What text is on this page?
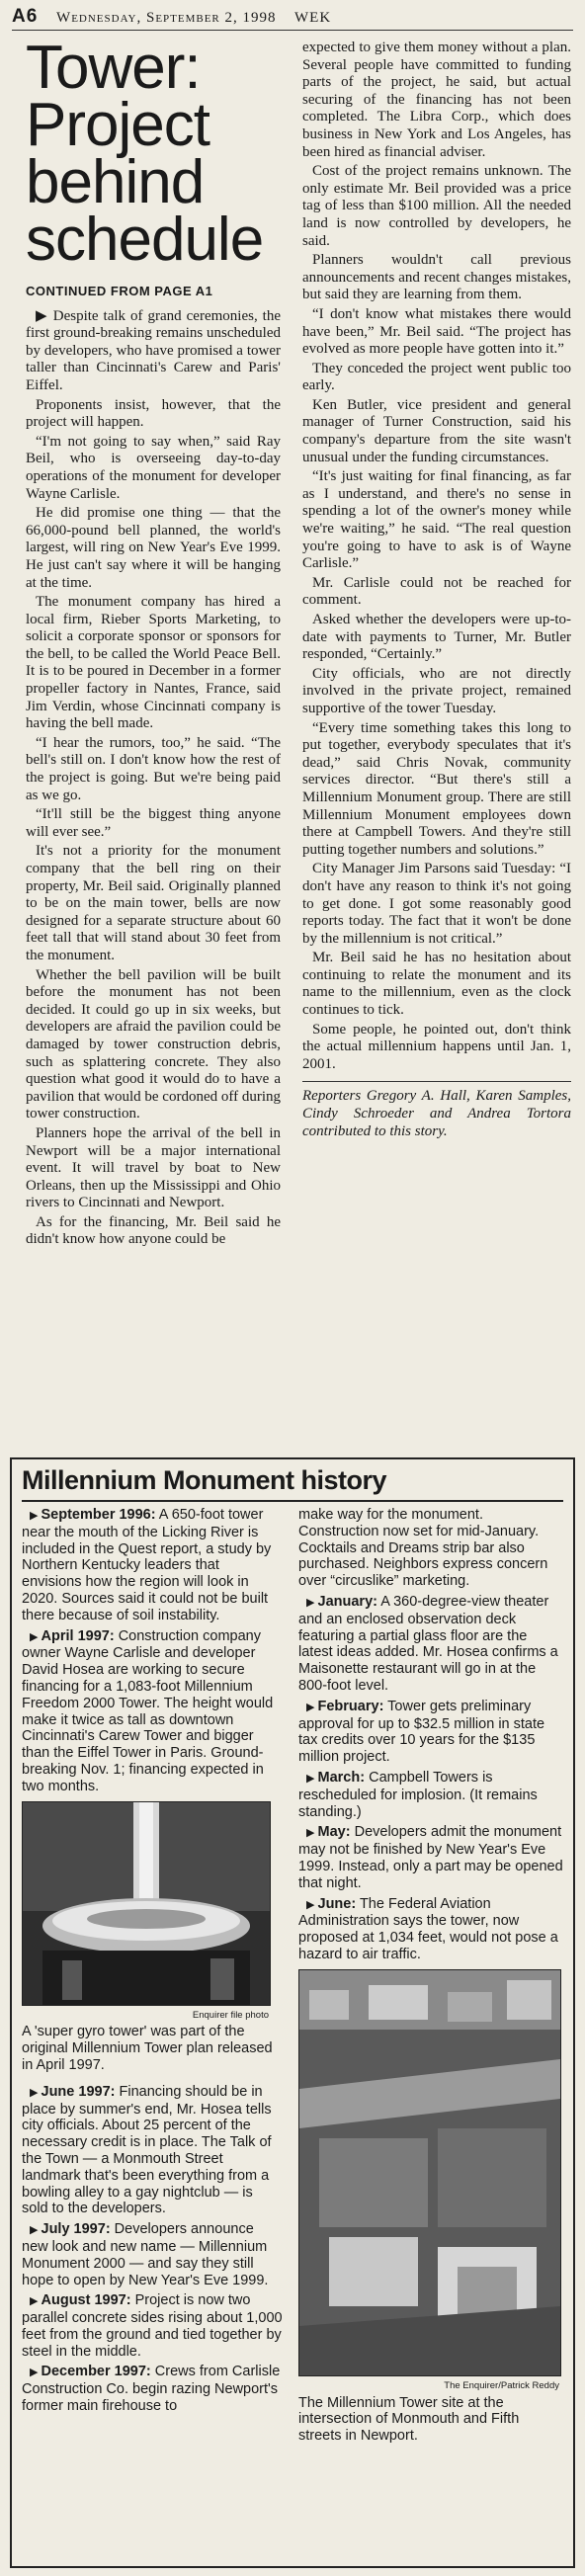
A6 Wednesday, September 2, 1998 WEK
Tower:
Project
behind
schedule
CONTINUED FROM PAGE A1

▶ Despite talk of grand ceremonies, the first ground-breaking remains unscheduled by developers, who have promised a tower taller than Cincinnati's Carew and Paris' Eiffel.

Proponents insist, however, that the project will happen.

“I'm not going to say when,” said Ray Beil, who is overseeing day-to-day operations of the monument for developer Wayne Carlisle.

He did promise one thing — that the 66,000-pound bell planned, the world's largest, will ring on New Year's Eve 1999. He just can't say where it will be hanging at the time.

The monument company has hired a local firm, Rieber Sports Marketing, to solicit a corporate sponsor or sponsors for the bell, to be called the World Peace Bell. It is to be poured in December in a former propeller factory in Nantes, France, said Jim Verdin, whose Cincinnati company is having the bell made.

“I hear the rumors, too,” he said. “The bell's still on. I don't know how the rest of the project is going. But we're being paid as we go.

“It'll still be the biggest thing anyone will ever see.”

It's not a priority for the monument company that the bell ring on their property, Mr. Beil said. Originally planned to be on the main tower, bells are now designed for a separate structure about 60 feet tall that will stand about 30 feet from the monument.

Whether the bell pavilion will be built before the monument has not been decided. It could go up in six weeks, but developers are afraid the pavilion could be damaged by tower construction debris, such as splattering concrete. They also question what good it would do to have a pavilion that would be cordoned off during tower construction.

Planners hope the arrival of the bell in Newport will be a major international event. It will travel by boat to New Orleans, then up the Mississippi and Ohio rivers to Cincinnati and Newport.

As for the financing, Mr. Beil said he didn't know how anyone could be

expected to give them money without a plan. Several people have committed to funding parts of the project, he said, but actual securing of the financing has not been completed. The Libra Corp., which does business in New York and Los Angeles, has been hired as financial adviser.

Cost of the project remains unknown. The only estimate Mr. Beil provided was a price tag of less than $100 million. All the needed land is now controlled by developers, he said.

Planners wouldn't call previous announcements and recent changes mistakes, but said they are learning from them.

“I don't know what mistakes there would have been,” Mr. Beil said. “The project has evolved as more people have gotten into it.”

They conceded the project went public too early.

Ken Butler, vice president and general manager of Turner Construction, said his company's departure from the site wasn't unusual under the funding circumstances.

“It's just waiting for final financing, as far as I understand, and there's no sense in spending a lot of the owner's money while we're waiting,” he said. “The real question you're going to have to ask is of Wayne Carlisle.”

Mr. Carlisle could not be reached for comment.

Asked whether the developers were up-to-date with payments to Turner, Mr. Butler responded, “Certainly.”

City officials, who are not directly involved in the private project, remained supportive of the tower Tuesday.

“Every time something takes this long to put together, everybody speculates that it's dead,” said Chris Novak, community services director. “But there's still a Millennium Monument group. There are still Millennium Monument employees down there at Campbell Towers. And they're still putting together numbers and solutions.”

City Manager Jim Parsons said Tuesday: “I don't have any reason to think it's not going to get done. I got some reasonably good reports today. The fact that it won't be done by the millennium is not critical.”

Mr. Beil said he has no hesitation about continuing to relate the monument and its name to the millennium, even as the clock continues to tick.

Some people, he pointed out, don't think the actual millennium happens until Jan. 1, 2001.

Reporters Gregory A. Hall, Karen Samples, Cindy Schroeder and Andrea Tortora contributed to this story.
Millennium Monument history

▶ September 1996: A 650-foot tower near the mouth of the Licking River is included in the Quest report, a study by Northern Kentucky leaders that envisions how the region will look in 2020. Sources said it could not be built there because of soil instability.

▶ April 1997: Construction company owner Wayne Carlisle and developer David Hosea are working to secure financing for a 1,083-foot Millennium Freedom 2000 Tower. The height would make it twice as tall as downtown Cincinnati's Carew Tower and bigger than the Eiffel Tower in Paris. Ground-breaking Nov. 1; financing expected in two months.

Enquirer file photo
A 'super gyro tower' was part of the original Millennium Tower plan released in April 1997.

▶ June 1997: Financing should be in place by summer's end, Mr. Hosea tells city officials. About 25 percent of the necessary credit is in place. The Talk of the Town — a Monmouth Street landmark that's been everything from a bowling alley to a gay nightclub — is sold to the developers.

▶ July 1997: Developers announce new look and new name — Millennium Monument 2000 — and say they still hope to open by New Year's Eve 1999.

▶ August 1997: Project is now two parallel concrete sides rising about 1,000 feet from the ground and tied together by steel in the middle.

▶ December 1997: Crews from Carlisle Construction Co. begin razing Newport's former main firehouse to

make way for the monument. Construction now set for mid-January. Cocktails and Dreams strip bar also purchased. Neighbors express concern over “circuslike” marketing.

▶ January: A 360-degree-view theater and an enclosed observation deck featuring a partial glass floor are the latest ideas added. Mr. Hosea confirms a Maisonette restaurant will go in at the 800-foot level.

▶ February: Tower gets preliminary approval for up to $32.5 million in state tax credits over 10 years for the $135 million project.

▶ March: Campbell Towers is rescheduled for implosion. (It remains standing.)

▶ May: Developers admit the monument may not be finished by New Year's Eve 1999. Instead, only a part may be opened that night.

▶ June: The Federal Aviation Administration says the tower, now proposed at 1,034 feet, would not pose a hazard to air traffic.

The Enquirer/Patrick Reddy
The Millennium Tower site at the intersection of Monmouth and Fifth streets in Newport.
